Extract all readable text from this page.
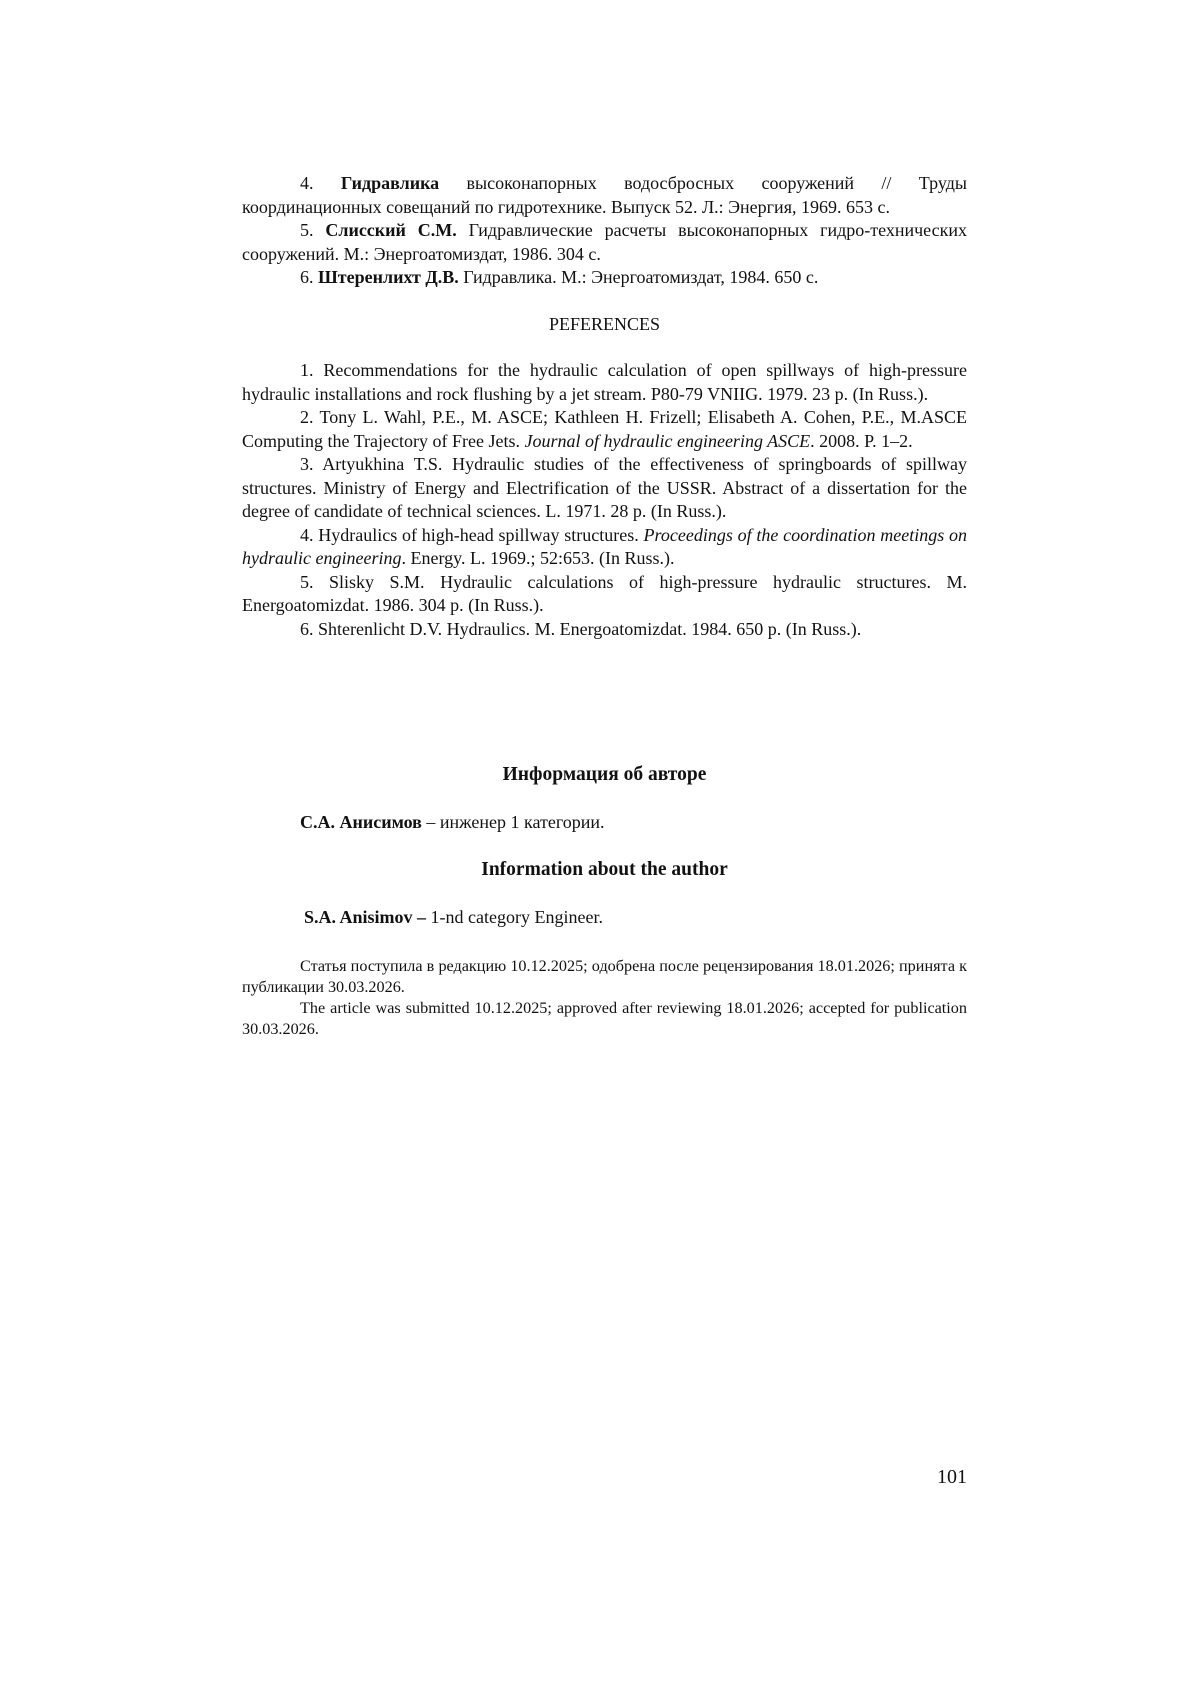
4. Гидравлика высоконапорных водосбросных сооружений // Труды координационных совещаний по гидротехнике. Выпуск 52. Л.: Энергия, 1969. 653 с.

5. Слисский С.М. Гидравлические расчеты высоконапорных гидро-технических сооружений. М.: Энергоатомиздат, 1986. 304 с.

6. Штеренлихт Д.В. Гидравлика. М.: Энергоатомиздат, 1984. 650 с.

PEFERENCES

1. Recommendations for the hydraulic calculation of open spillways of high-pressure hydraulic installations and rock flushing by a jet stream. P80-79 VNIIG. 1979. 23 p. (In Russ.).

2. Tony L. Wahl, P.E., M. ASCE; Kathleen H. Frizell; Elisabeth A. Cohen, P.E., M.ASCE Computing the Trajectory of Free Jets. Journal of hydraulic engineering ASCE. 2008. P. 1–2.

3. Artyukhina T.S. Hydraulic studies of the effectiveness of springboards of spillway structures. Ministry of Energy and Electrification of the USSR. Abstract of a dissertation for the degree of candidate of technical sciences. L. 1971. 28 p. (In Russ.).

4. Hydraulics of high-head spillway structures. Proceedings of the coordination meetings on hydraulic engineering. Energy. L. 1969.; 52:653. (In Russ.).

5. Slisky S.M. Hydraulic calculations of high-pressure hydraulic structures. M. Energoatomizdat. 1986. 304 p. (In Russ.).

6. Shterenlicht D.V. Hydraulics. M. Energoatomizdat. 1984. 650 p. (In Russ.).

Информация об авторе

С.А. Анисимов – инженер 1 категории.

Information about the author

S.A. Anisimov – 1-nd category Engineer.

Статья поступила в редакцию 10.12.2025; одобрена после рецензирования 18.01.2026; принята к публикации 30.03.2026.

The article was submitted 10.12.2025; approved after reviewing 18.01.2026; accepted for publication 30.03.2026.

101
